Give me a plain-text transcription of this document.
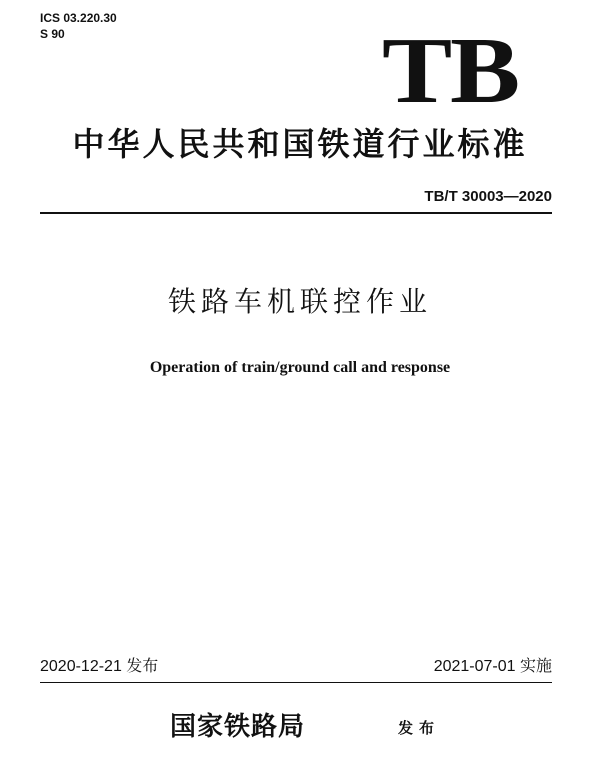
ICS 03.220.30
S 90	TB
中华人民共和国铁道行业标准
TB/T 30003—2020
铁路车机联控作业
Operation of train/ground call and response
2020-12-21 发布	2021-07-01 实施
国家铁路局	发布
